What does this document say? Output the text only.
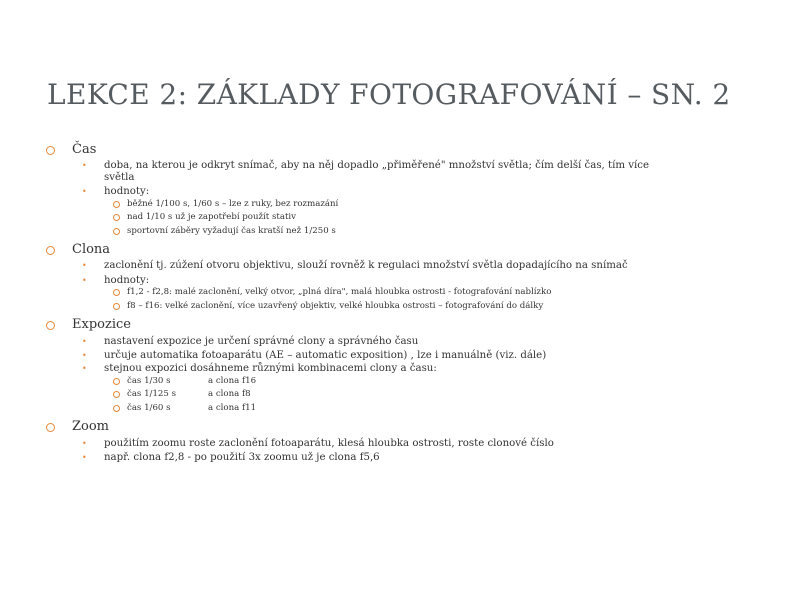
LEKCE 2: ZÁKLADY FOTOGRAFOVÁNÍ – SN. 2
Čas
• doba, na kterou je odkryt snímač, aby na něj dopadlo „přiměřené" množství světla; čím delší čas, tím více světla
• hodnoty:
běžné 1/100 s, 1/60 s – lze z ruky, bez rozmazání
nad 1/10 s už je zapotřebí použít stativ
sportovní záběry vyžadují čas kratší než 1/250 s
Clona
• zaclonění tj. zúžení otvoru objektivu, slouží rovněž k regulaci množství světla dopadajícího na snímač
• hodnoty:
f1,2 - f2,8: malé zaclonění, velký otvor, „plná díra", malá hloubka ostrosti - fotografování nablízko
f8 – f16: velké zaclonění, více uzavřený objektiv, velké hloubka ostrosti – fotografování do dálky
Expozice
• nastavení expozice je určení správné clony a správného času
• určuje automatika fotoaparátu (AE – automatic exposition) , lze i manuálně (viz. dále)
• stejnou expozici dosáhneme různými kombinacemi clony a času:
čas 1/30 s	a clona f16
čas 1/125 s	a clona f8
čas 1/60 s	a clona f11
Zoom
• použitím zoomu roste zaclonění fotoaparátu, klesá hloubka ostrosti, roste clonové číslo
• např. clona f2,8 - po použití 3x zoomu už je clona f5,6
